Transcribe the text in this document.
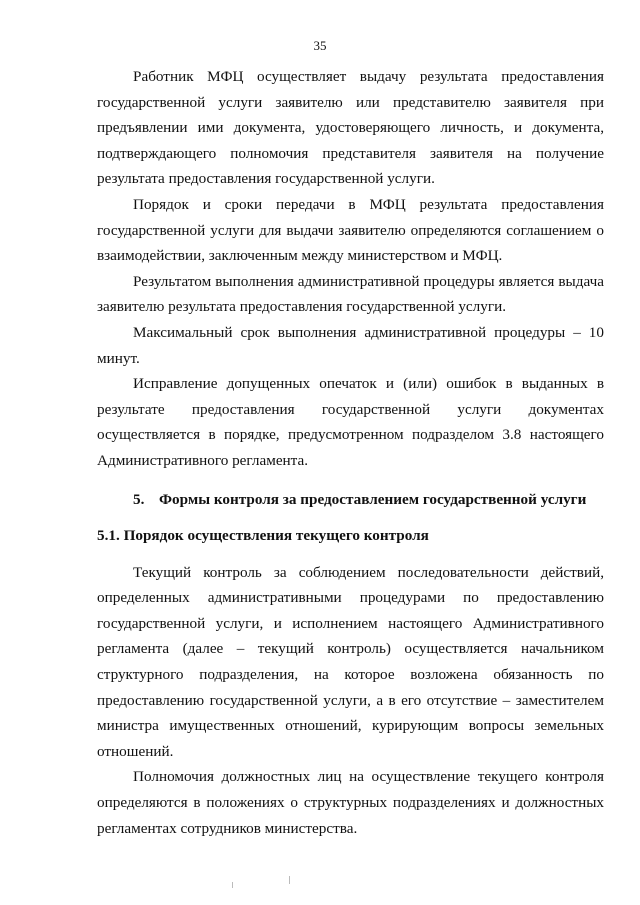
35

Работник МФЦ осуществляет выдачу результата предоставления государственной услуги заявителю или представителю заявителя при предъявлении ими документа, удостоверяющего личность, и документа, подтверждающего полномочия представителя заявителя на получение результата предоставления государственной услуги.

Порядок и сроки передачи в МФЦ результата предоставления государственной услуги для выдачи заявителю определяются соглашением о взаимодействии, заключенным между министерством и МФЦ.

Результатом выполнения административной процедуры является выдача заявителю результата предоставления государственной услуги.

Максимальный срок выполнения административной процедуры – 10 минут.

Исправление допущенных опечаток и (или) ошибок в выданных в результате предоставления государственной услуги документах осуществляется в порядке, предусмотренном подразделом 3.8 настоящего Административного регламента.

5. Формы контроля за предоставлением государственной услуги

5.1. Порядок осуществления текущего контроля

Текущий контроль за соблюдением последовательности действий, определенных административными процедурами по предоставлению государственной услуги, и исполнением настоящего Административного регламента (далее – текущий контроль) осуществляется начальником структурного подразделения, на которое возложена обязанность по предоставлению государственной услуги, а в его отсутствие – заместителем министра имущественных отношений, курирующим вопросы земельных отношений.

Полномочия должностных лиц на осуществление текущего контроля определяются в положениях о структурных подразделениях и должностных регламентах сотрудников министерства.
